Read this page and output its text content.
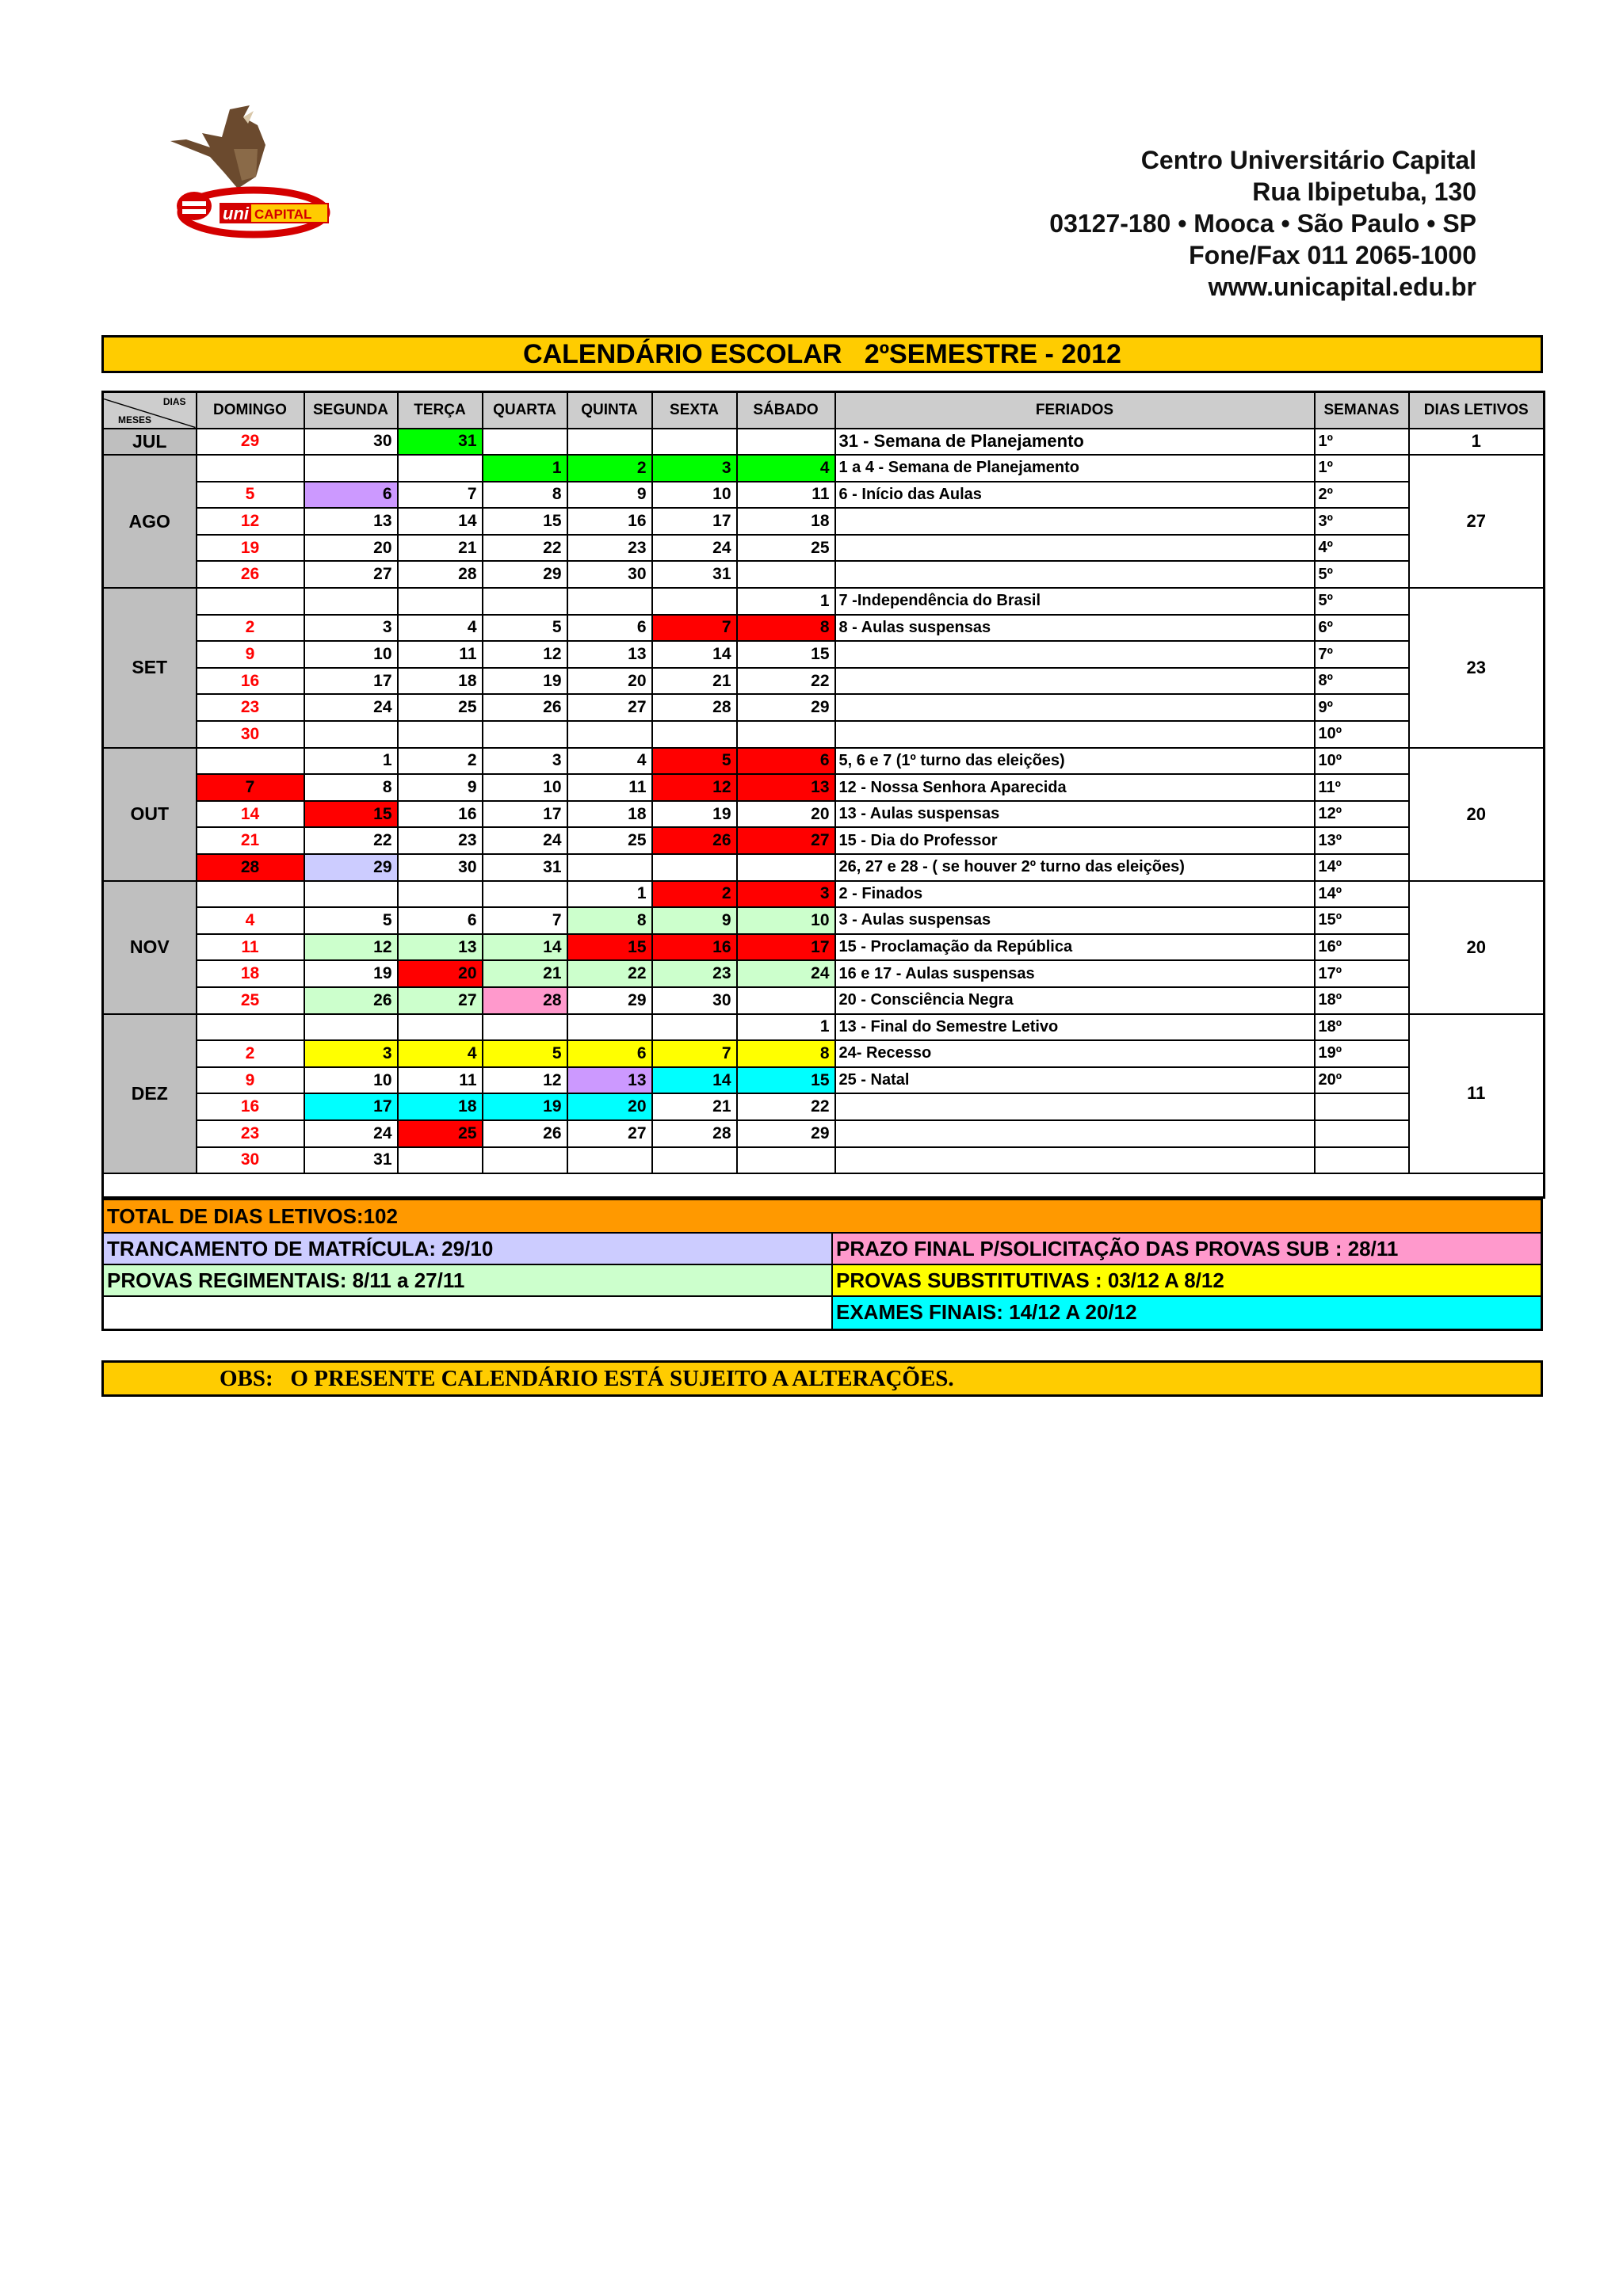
uni CAPITAL
Centro Universitário Capital
Rua Ibipetuba, 130
03127-180 • Mooca • São Paulo • SP
Fone/Fax 011 2065-1000
www.unicapital.edu.br
CALENDÁRIO ESCOLAR   2ºSEMESTRE - 2012
DIAS
MESES	DOMINGO	SEGUNDA	TERÇA	QUARTA	QUINTA	SEXTA	SÁBADO	FERIADOS	SEMANAS	DIAS LETIVOS
JUL	29	30	31					31 - Semana de Planejamento	1º	1
AGO				1	2	3	4	1 a 4 - Semana de Planejamento	1º	27
	5	6	7	8	9	10	11	6 - Início das Aulas	2º	
	12	13	14	15	16	17	18		3º	
	19	20	21	22	23	24	25		4º	
	26	27	28	29	30	31			5º	
SET							1	7 -Independência do Brasil	5º	23
	2	3	4	5	6	7	8	8 - Aulas suspensas	6º	
	9	10	11	12	13	14	15		7º	
	16	17	18	19	20	21	22		8º	
	23	24	25	26	27	28	29		9º	
	30								10º	
OUT		1	2	3	4	5	6	5, 6 e 7 (1º turno das eleições)	10º	20
	7	8	9	10	11	12	13	12 - Nossa Senhora Aparecida	11º	
	14	15	16	17	18	19	20	13 - Aulas suspensas	12º	
	21	22	23	24	25	26	27	15 - Dia do Professor	13º	
	28	29	30	31				26, 27 e 28 - ( se houver 2º turno das eleições)	14º	
NOV					1	2	3	2 - Finados	14º	20
	4	5	6	7	8	9	10	3 - Aulas suspensas	15º	
	11	12	13	14	15	16	17	15 - Proclamação da República	16º	
	18	19	20	21	22	23	24	16 e 17 - Aulas suspensas	17º	
	25	26	27	28	29	30		20 - Consciência Negra	18º	
DEZ							1	13 - Final do Semestre Letivo	18º	11
	2	3	4	5	6	7	8	24- Recesso	19º	
	9	10	11	12	13	14	15	25 - Natal	20º	
	16	17	18	19	20	21	22			
	23	24	25	26	27	28	29			
	30	31								

TOTAL DE DIAS LETIVOS:102
TRANCAMENTO DE MATRÍCULA: 29/10	PRAZO FINAL P/SOLICITAÇÃO DAS PROVAS SUB : 28/11
PROVAS REGIMENTAIS: 8/11 a 27/11	PROVAS SUBSTITUTIVAS : 03/12 A 8/12
EXAMES FINAIS: 14/12 A 20/12
OBS:   O PRESENTE CALENDÁRIO ESTÁ SUJEITO A ALTERAÇÕES.
